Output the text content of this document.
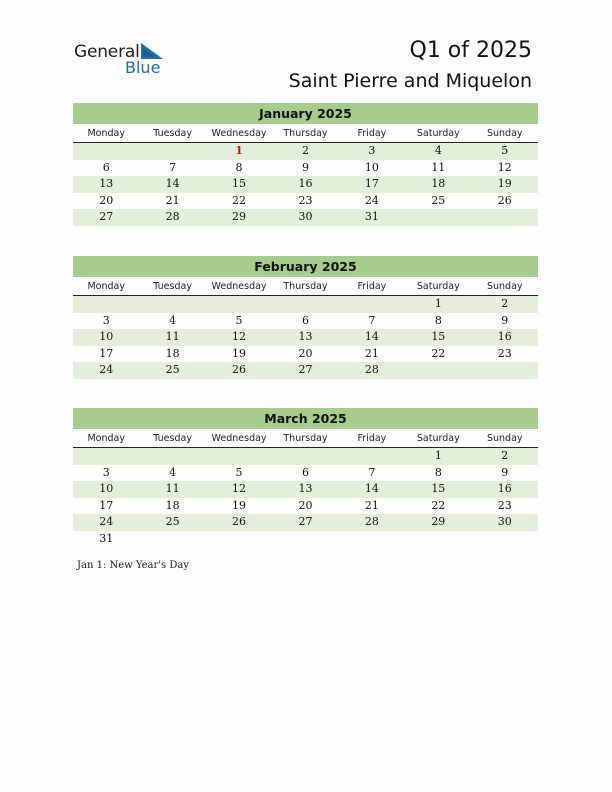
General
Blue
Q1 of 2025
Saint Pierre and Miquelon
January 2025
Monday	Tuesday	Wednesday	Thursday	Friday	Saturday	Sunday
		1	2	3	4	5
6	7	8	9	10	11	12
13	14	15	16	17	18	19
20	21	22	23	24	25	26
27	28	29	30	31		
February 2025
Monday	Tuesday	Wednesday	Thursday	Friday	Saturday	Sunday
					1	2
3	4	5	6	7	8	9
10	11	12	13	14	15	16
17	18	19	20	21	22	23
24	25	26	27	28		
March 2025
Monday	Tuesday	Wednesday	Thursday	Friday	Saturday	Sunday
					1	2
3	4	5	6	7	8	9
10	11	12	13	14	15	16
17	18	19	20	21	22	23
24	25	26	27	28	29	30
31						
Jan 1: New Year's Day
